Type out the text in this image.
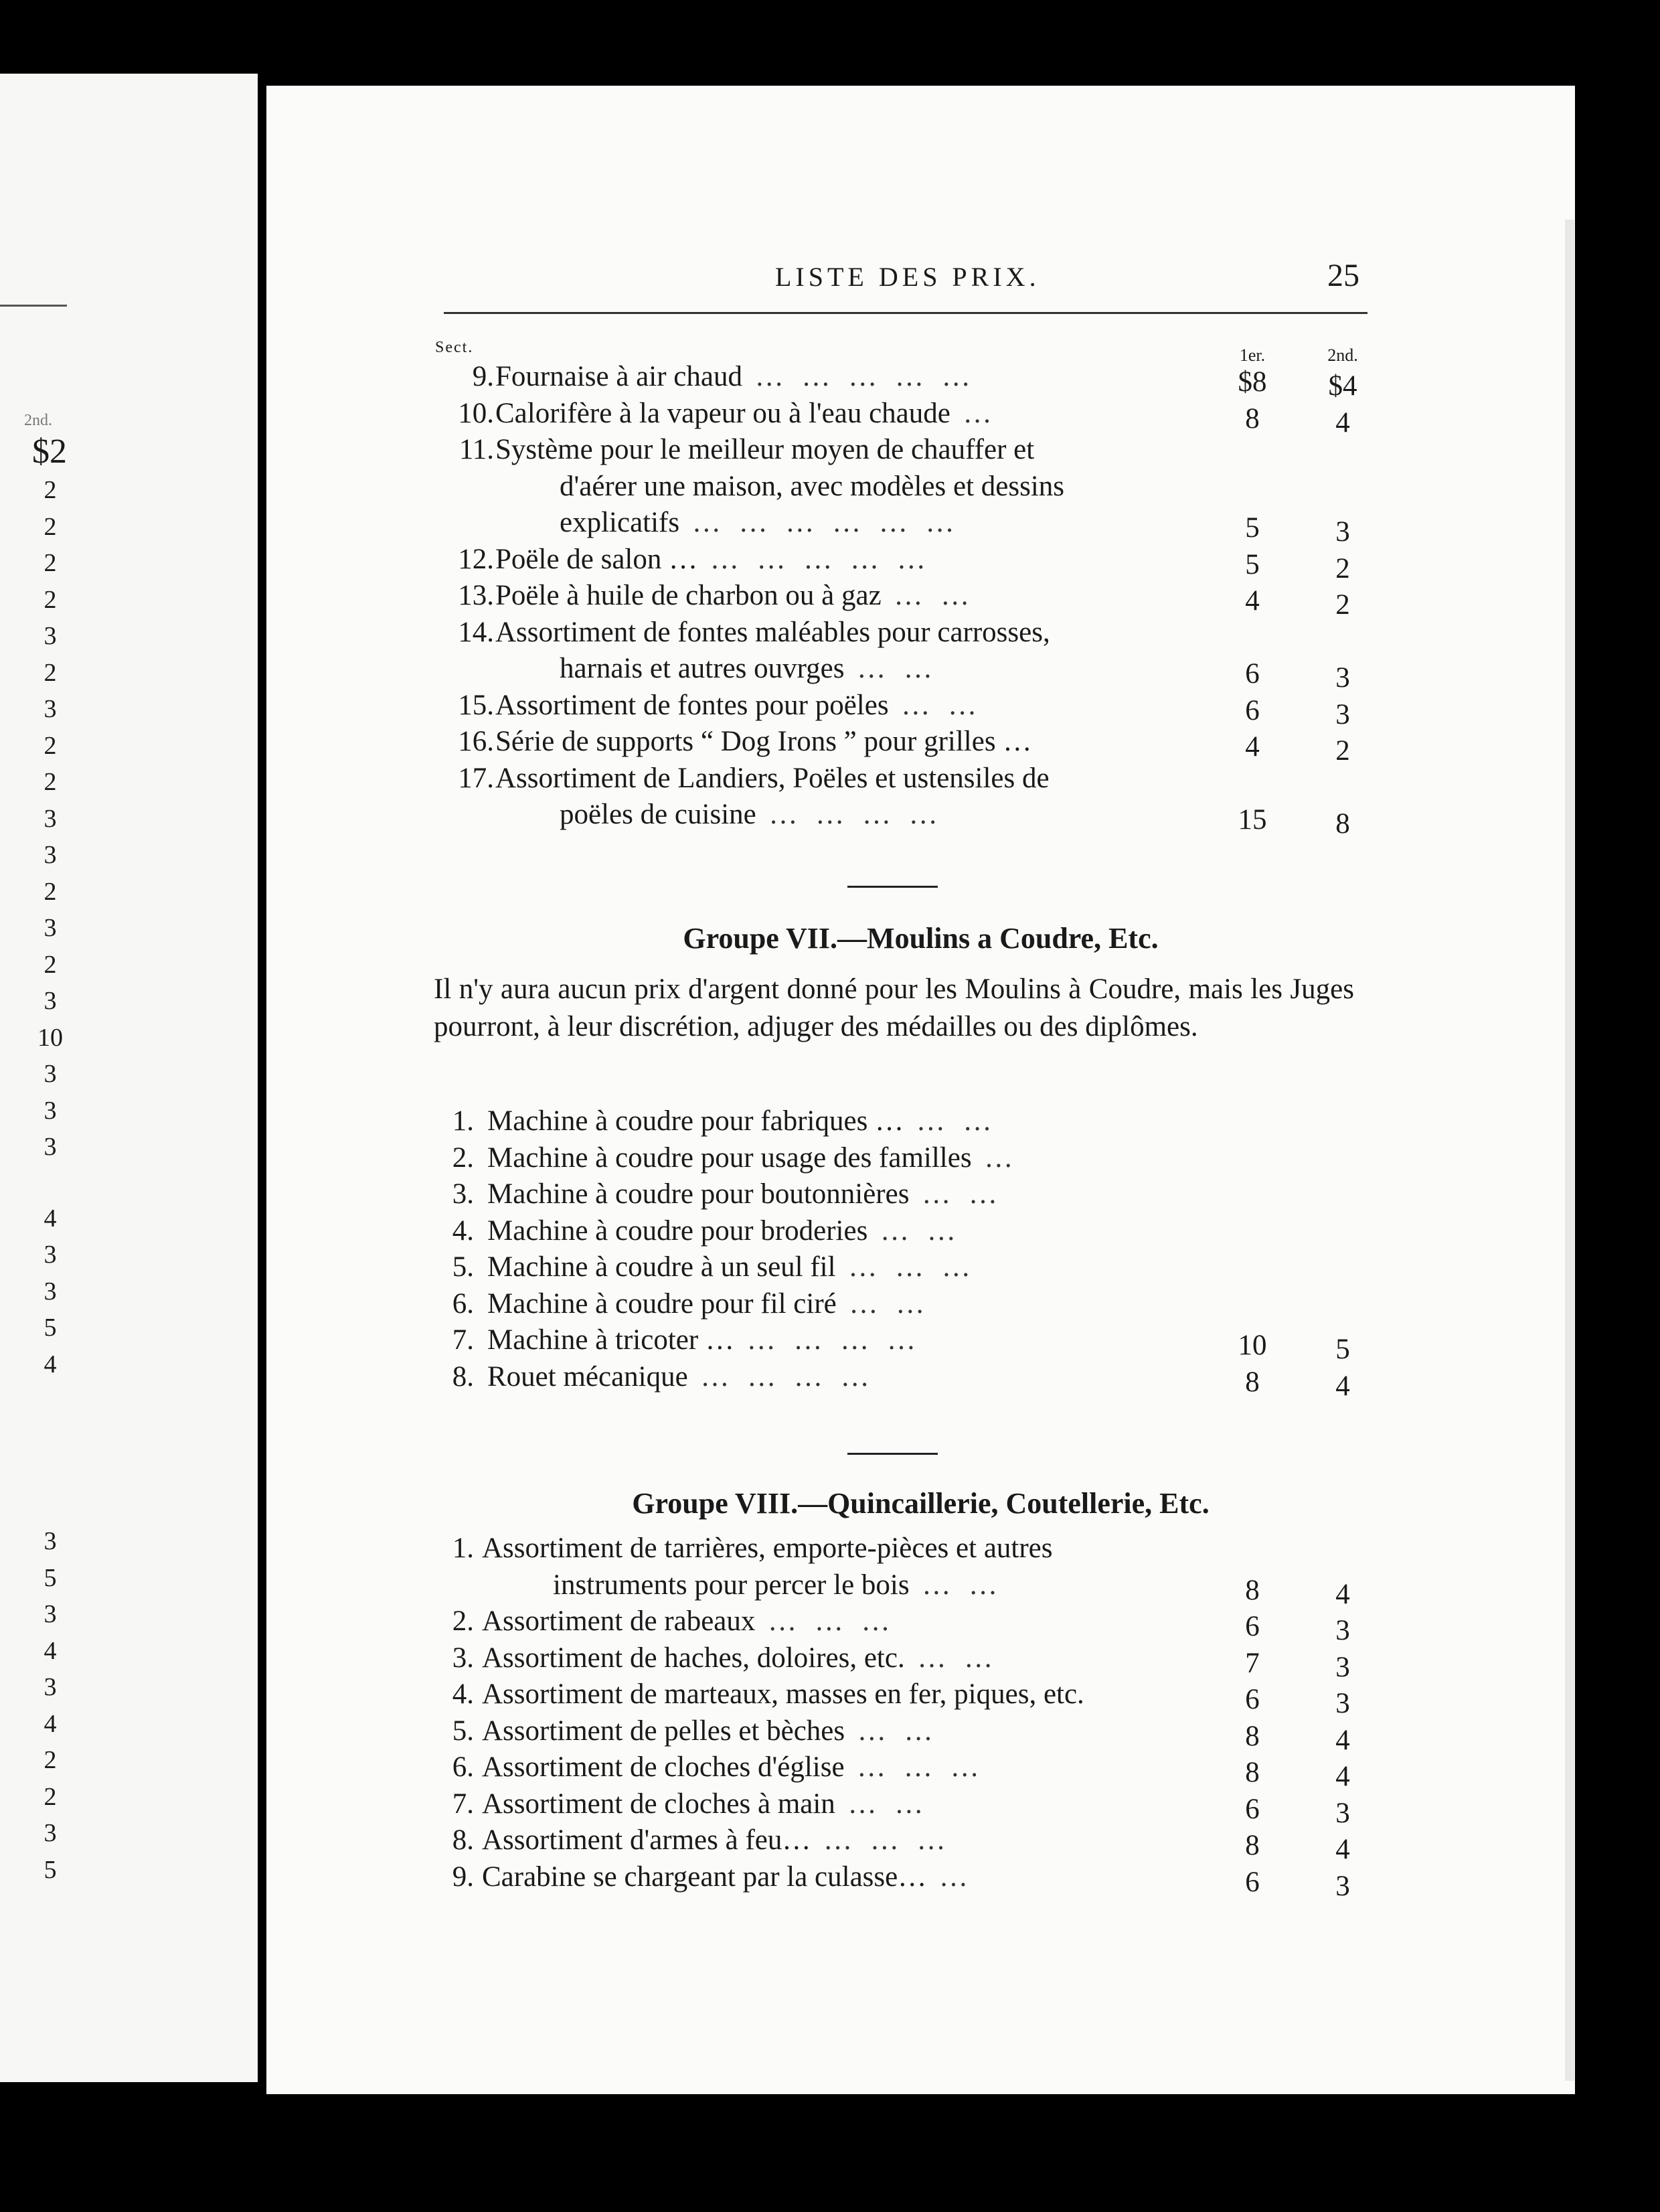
2nd.
$2
2
2
2
2
3
2
3
2
2
3
3
2
3
2
3
10
3
3
3
4
3
3
5
4
3
5
3
4
3
4
2
2
3
5
LISTE DES PRIX.	25
Sect.	1er.	2nd.
9. Fournaise à air chaud … … … … …	$8	$4
10. Calorifère à la vapeur ou à l'eau chaude …	8	4
11. Système pour le meilleur moyen de chauffer et
d'aérer une maison, avec modèles et dessins
explicatifs … … … … … …	5	3
12. Poële de salon … … … … … …	5	2
13. Poële à huile de charbon ou à gaz … …	4	2
14. Assortiment de fontes maléables pour carrosses,
harnais et autres ouvrges … …	6	3
15. Assortiment de fontes pour poëles … …	6	3
16. Série de supports “ Dog Irons ” pour grilles …	4	2
17. Assortiment de Landiers, Poëles et ustensiles de
poëles de cuisine … … … …	15	8
Groupe VII.—Moulins a Coudre, Etc.
Il n'y aura aucun prix d'argent donné pour les Moulins à Coudre, mais les Juges pourront, à leur discrétion, adjuger des médailles ou des diplômes.
1. Machine à coudre pour fabriques … … …
2. Machine à coudre pour usage des familles …
3. Machine à coudre pour boutonnières … …
4. Machine à coudre pour broderies … …
5. Machine à coudre à un seul fil … … …
6. Machine à coudre pour fil ciré … …
7. Machine à tricoter … … … … …	10	5
8. Rouet mécanique … … … …	8	4
Groupe VIII.—Quincaillerie, Coutellerie, Etc.
1. Assortiment de tarrières, emporte-pièces et autres
instruments pour percer le bois … …	8	4
2. Assortiment de rabeaux … … …	6	3
3. Assortiment de haches, doloires, etc. … …	7	3
4. Assortiment de marteaux, masses en fer, piques, etc.	6	3
5. Assortiment de pelles et bèches … …	8	4
6. Assortiment de cloches d'église … … …	8	4
7. Assortiment de cloches à main … …	6	3
8. Assortiment d'armes à feu… … … …	8	4
9. Carabine se chargeant par la culasse… …	6	3
